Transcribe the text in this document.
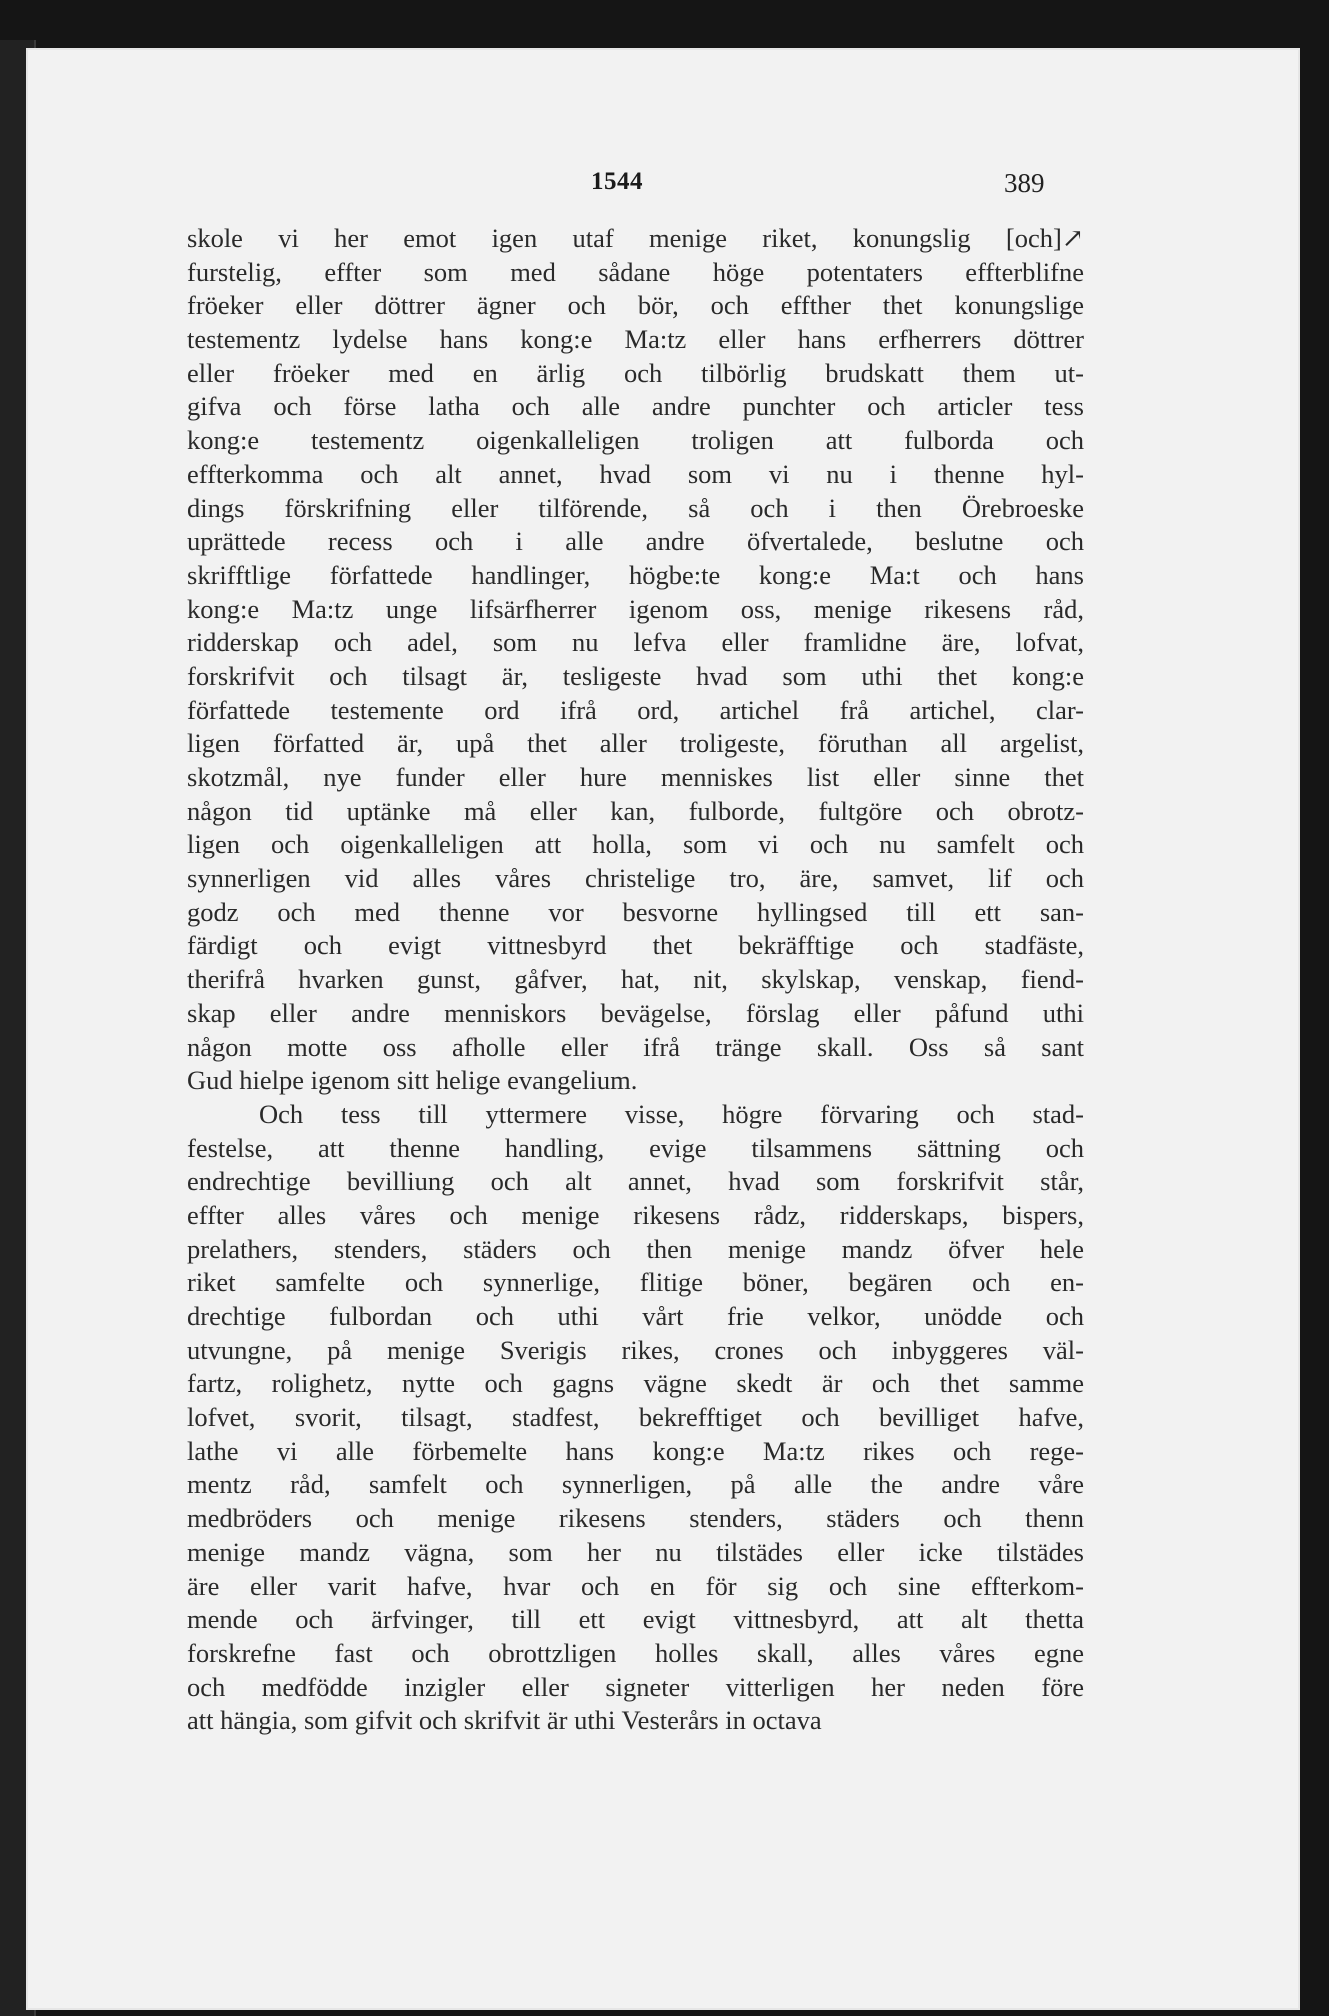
1544	389
skole vi her emot igen utaf menige riket, konungslig [och]↗
furstelig, effter som med sådane höge potentaters effterblifne
fröeker eller döttrer ägner och bör, och effther thet konungslige
testementz lydelse hans kong:e Ma:tz eller hans erfherrers döttrer
eller fröeker med en ärlig och tilbörlig brudskatt them ut-
gifva och förse latha och alle andre punchter och articler tess
kong:e testementz oigenkalleligen troligen att fulborda och
effterkomma och alt annet, hvad som vi nu i thenne hyl-
dings förskrifning eller tilförende, så och i then Örebroeske
uprättede recess och i alle andre öfvertalede, beslutne och
skrifftlige författede handlinger, högbe:te kong:e Ma:t och hans
kong:e Ma:tz unge lifsärfherrer igenom oss, menige rikesens råd,
ridderskap och adel, som nu lefva eller framlidne äre, lofvat,
forskrifvit och tilsagt är, tesligeste hvad som uthi thet kong:e
författede testemente ord ifrå ord, artichel frå artichel, clar-
ligen författed är, upå thet aller troligeste, föruthan all argelist,
skotzmål, nye funder eller hure menniskes list eller sinne thet
någon tid uptänke må eller kan, fulborde, fultgöre och obrotz-
ligen och oigenkalleligen att holla, som vi och nu samfelt och
synnerligen vid alles våres christelige tro, äre, samvet, lif och
godz och med thenne vor besvorne hyllingsed till ett san-
färdigt och evigt vittnesbyrd thet bekräfftige och stadfäste,
therifrå hvarken gunst, gåfver, hat, nit, skylskap, venskap, fiend-
skap eller andre menniskors bevägelse, förslag eller påfund uthi
någon motte oss afholle eller ifrå tränge skall. Oss så sant
Gud hielpe igenom sitt helige evangelium.
Och tess till yttermere visse, högre förvaring och stad-
festelse, att thenne handling, evige tilsammens sättning och
endrechtige bevilliung och alt annet, hvad som forskrifvit står,
effter alles våres och menige rikesens rådz, ridderskaps, bispers,
prelathers, stenders, städers och then menige mandz öfver hele
riket samfelte och synnerlige, flitige böner, begären och en-
drechtige fulbordan och uthi vårt frie velkor, unödde och
utvungne, på menige Sverigis rikes, crones och inbyggeres väl-
fartz, rolighetz, nytte och gagns vägne skedt är och thet samme
lofvet, svorit, tilsagt, stadfest, bekrefftiget och bevilliget hafve,
lathe vi alle förbemelte hans kong:e Ma:tz rikes och rege-
mentz råd, samfelt och synnerligen, på alle the andre våre
medbröders och menige rikesens stenders, städers och thenn
menige mandz vägna, som her nu tilstädes eller icke tilstädes
äre eller varit hafve, hvar och en för sig och sine effterkom-
mende och ärfvinger, till ett evigt vittnesbyrd, att alt thetta
forskrefne fast och obrottzligen holles skall, alles våres egne
och medfödde inzigler eller signeter vitterligen her neden före
att hängia, som gifvit och skrifvit är uthi Vesterårs in octava
